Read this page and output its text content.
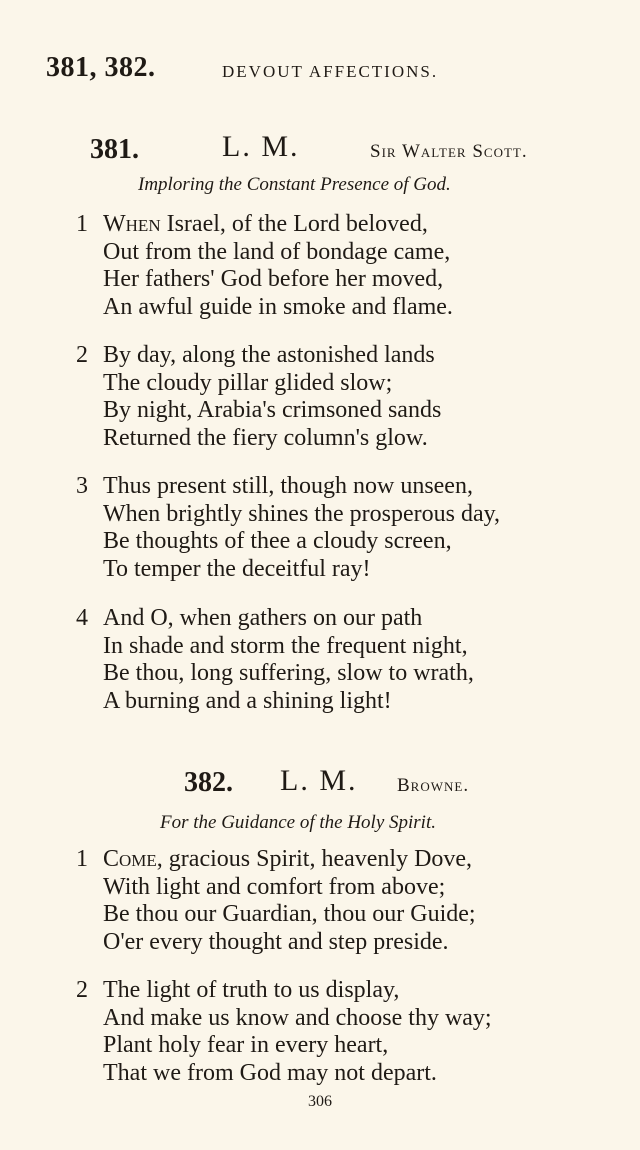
381, 382.	DEVOUT AFFECTIONS.
381.	L. M.	Sir Walter Scott.
Imploring the Constant Presence of God.
1 When Israel, of the Lord beloved,
Out from the land of bondage came,
Her fathers' God before her moved,
An awful guide in smoke and flame.
2 By day, along the astonished lands
The cloudy pillar glided slow;
By night, Arabia's crimsoned sands
Returned the fiery column's glow.
3 Thus present still, though now unseen,
When brightly shines the prosperous day,
Be thoughts of thee a cloudy screen,
To temper the deceitful ray!
4 And O, when gathers on our path
In shade and storm the frequent night,
Be thou, long suffering, slow to wrath,
A burning and a shining light!
382. L. M. Browne.
For the Guidance of the Holy Spirit.
1 Come, gracious Spirit, heavenly Dove,
With light and comfort from above;
Be thou our Guardian, thou our Guide;
O'er every thought and step preside.
2 The light of truth to us display,
And make us know and choose thy way;
Plant holy fear in every heart,
That we from God may not depart.
306
